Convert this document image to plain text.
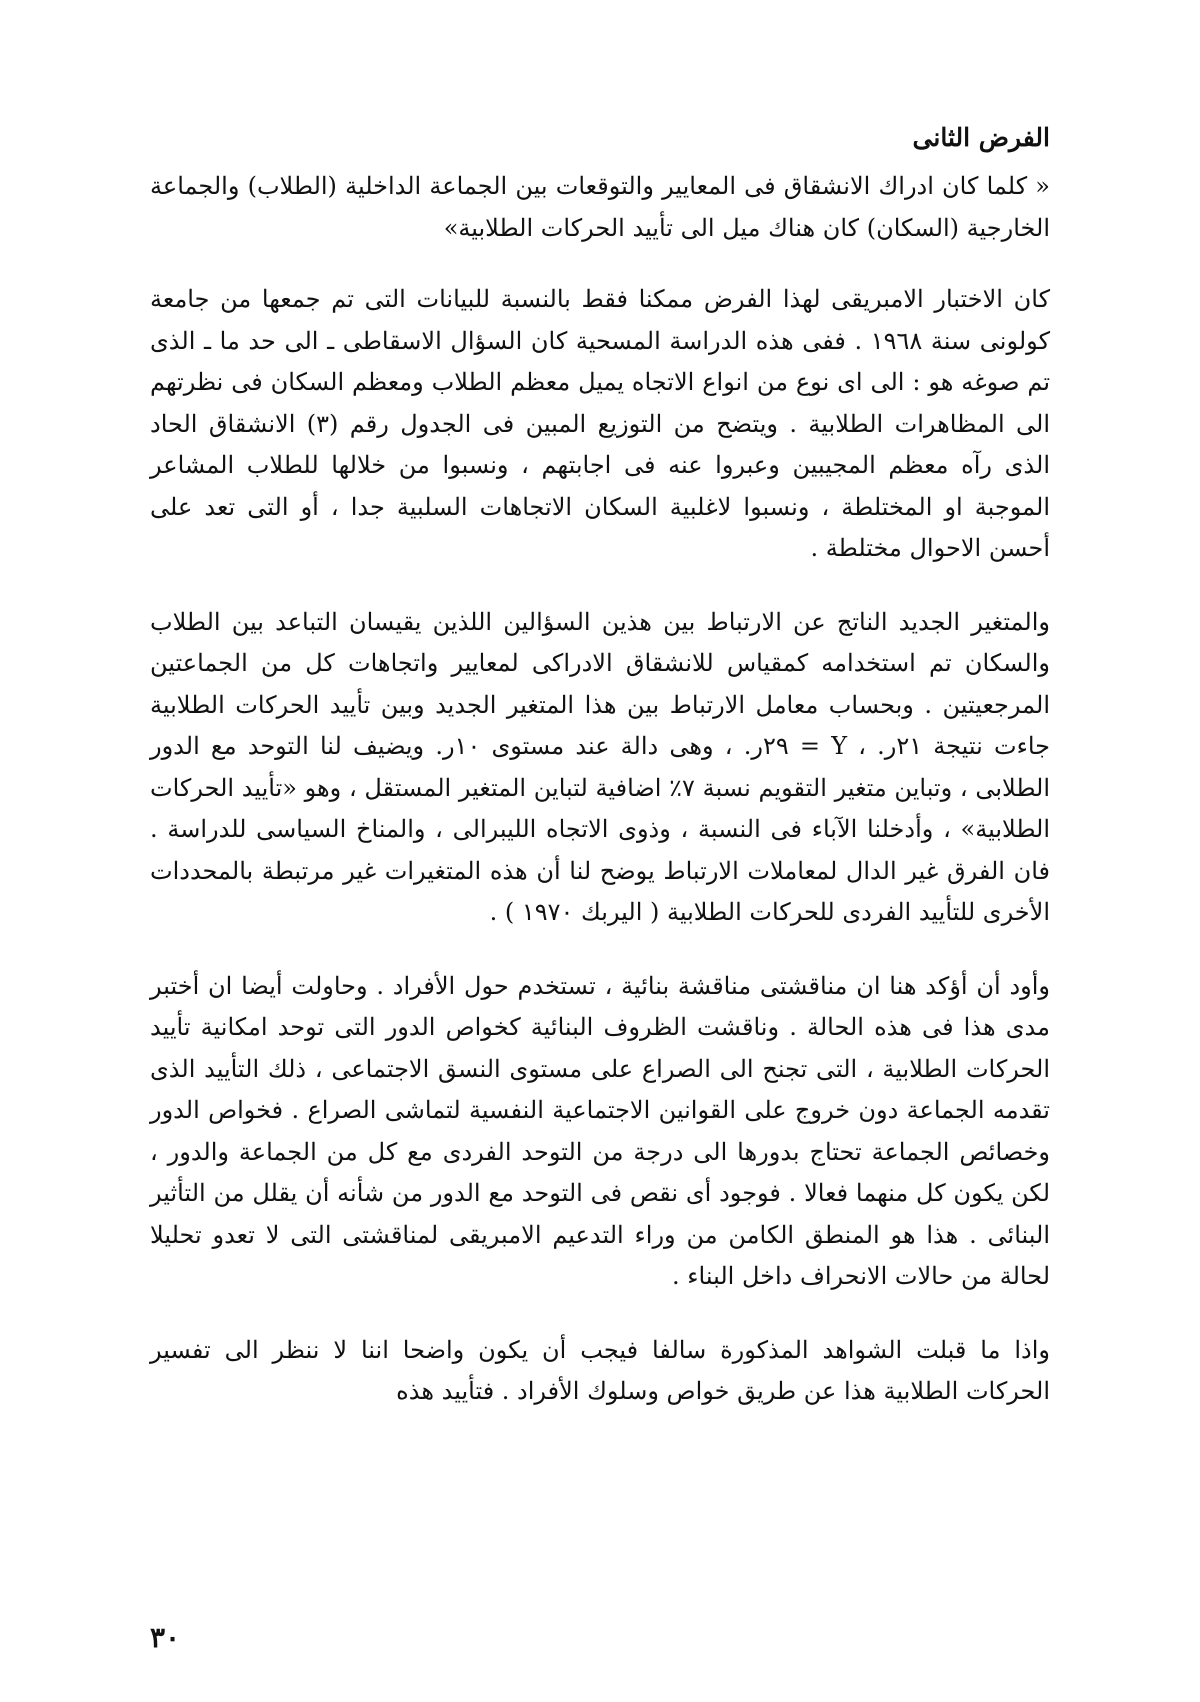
الفرض الثانى

« كلما كان ادراك الانشقاق فى المعايير والتوقعات بين الجماعة الداخلية (الطلاب) والجماعة الخارجية (السكان) كان هناك ميل الى تأييد الحركات الطلابية»

كان الاختبار الامبريقى لهذا الفرض ممكنا فقط بالنسبة للبيانات التى تم جمعها من جامعة كولونى سنة ١٩٦٨ . ففى هذه الدراسة المسحية كان السؤال الاسقاطى ـ الى حد ما ـ الذى تم صوغه هو : الى اى نوع من انواع الاتجاه يميل معظم الطلاب ومعظم السكان فى نظرتهم الى المظاهرات الطلابية . ويتضح من التوزيع المبين فى الجدول رقم (٣) الانشقاق الحاد الذى رآه معظم المجيبين وعبروا عنه فى اجابتهم ، ونسبوا من خلالها للطلاب المشاعر الموجبة او المختلطة ، ونسبوا لاغلبية السكان الاتجاهات السلبية جدا ، أو التى تعد على أحسن الاحوال مختلطة .

والمتغير الجديد الناتج عن الارتباط بين هذين السؤالين اللذين يقيسان التباعد بين الطلاب والسكان تم استخدامه كمقياس للانشقاق الادراكى لمعايير واتجاهات كل من الجماعتين المرجعيتين . وبحساب معامل الارتباط بين هذا المتغير الجديد وبين تأييد الحركات الطلابية جاءت نتيجة ٢١ر. ، Y = ٢٩ر. ، وهى دالة عند مستوى ١٠ر. ويضيف لنا التوحد مع الدور الطلابى ، وتباين متغير التقويم نسبة ٧٪ اضافية لتباين المتغير المستقل ، وهو «تأييد الحركات الطلابية» ، وأدخلنا الآباء فى النسبة ، وذوى الاتجاه الليبرالى ، والمناخ السياسى للدراسة . فان الفرق غير الدال لمعاملات الارتباط يوضح لنا أن هذه المتغيرات غير مرتبطة بالمحددات الأخرى للتأييد الفردى للحركات الطلابية ( اليربك ١٩٧٠ ) .

وأود أن أؤكد هنا ان مناقشتى مناقشة بنائية ، تستخدم حول الأفراد . وحاولت أيضا ان أختبر مدى هذا فى هذه الحالة . وناقشت الظروف البنائية كخواص الدور التى توحد امكانية تأييد الحركات الطلابية ، التى تجنح الى الصراع على مستوى النسق الاجتماعى ، ذلك التأييد الذى تقدمه الجماعة دون خروج على القوانين الاجتماعية النفسية لتماشى الصراع . فخواص الدور وخصائص الجماعة تحتاج بدورها الى درجة من التوحد الفردى مع كل من الجماعة والدور ، لكن يكون كل منهما فعالا . فوجود أى نقص فى التوحد مع الدور من شأنه أن يقلل من التأثير البنائى . هذا هو المنطق الكامن من وراء التدعيم الامبريقى لمناقشتى التى لا تعدو تحليلا لحالة من حالات الانحراف داخل البناء .

واذا ما قبلت الشواهد المذكورة سالفا فيجب أن يكون واضحا اننا لا ننظر الى تفسير الحركات الطلابية هذا عن طريق خواص وسلوك الأفراد . فتأييد هذه

٣٠
